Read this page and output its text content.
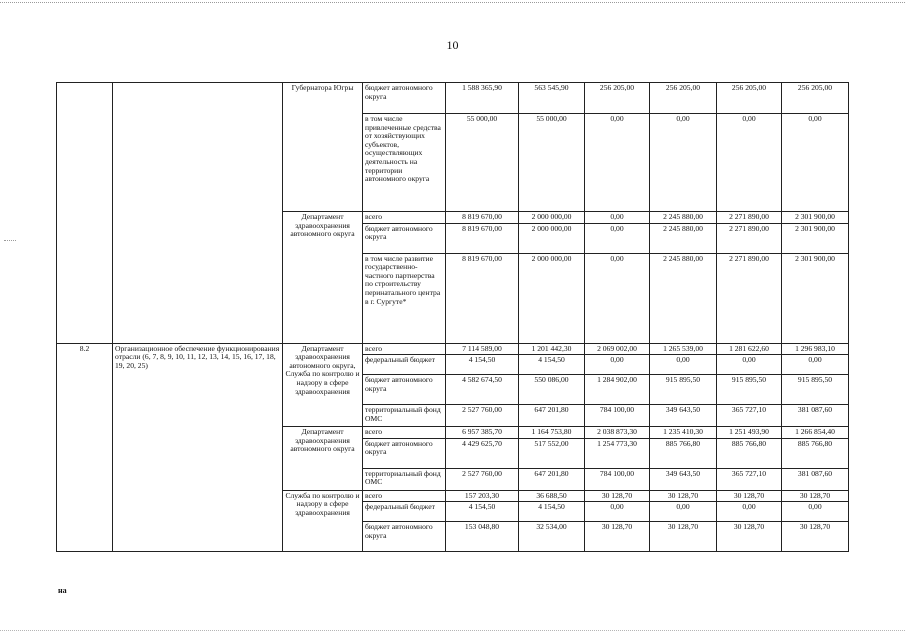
10
		Губернатора Югры	бюджет автономного округа	1 588 365,90	563 545,90	256 205,00	256 205,00	256 205,00	256 205,00
			в том числе привлеченные средства от хозяйствующих субъектов, осуществляющих деятельность на территории автономного округа	55 000,00	55 000,00	0,00	0,00	0,00	0,00
		Департамент здравоохранения автономного округа	всего	8 819 670,00	2 000 000,00	0,00	2 245 880,00	2 271 890,00	2 301 900,00
			бюджет автономного округа	8 819 670,00	2 000 000,00	0,00	2 245 880,00	2 271 890,00	2 301 900,00
			в том числе развитие государственно-частного партнерства по строительству перинатального центра в г. Сургуте*	8 819 670,00	2 000 000,00	0,00	2 245 880,00	2 271 890,00	2 301 900,00
8.2	Организационное обеспечение функционирования отрасли (6, 7, 8, 9, 10, 11, 12, 13, 14, 15, 16, 17, 18, 19, 20, 25)	Департамент здравоохранения автономного округа, Служба по контролю и надзору в сфере здравоохранения	всего	7 114 589,00	1 201 442,30	2 069 002,00	1 265 539,00	1 281 622,60	1 296 983,10
			федеральный бюджет	4 154,50	4 154,50	0,00	0,00	0,00	0,00
			бюджет автономного округа	4 582 674,50	550 086,00	1 284 902,00	915 895,50	915 895,50	915 895,50
			территориальный фонд ОМС	2 527 760,00	647 201,80	784 100,00	349 643,50	365 727,10	381 087,60
		Департамент здравоохранения автономного округа	всего	6 957 385,70	1 164 753,80	2 038 873,30	1 235 410,30	1 251 493,90	1 266 854,40
			бюджет автономного округа	4 429 625,70	517 552,00	1 254 773,30	885 766,80	885 766,80	885 766,80
			территориальный фонд ОМС	2 527 760,00	647 201,80	784 100,00	349 643,50	365 727,10	381 087,60
		Служба по контролю и надзору в сфере здравоохранения	всего	157 203,30	36 688,50	30 128,70	30 128,70	30 128,70	30 128,70
			федеральный бюджет	4 154,50	4 154,50	0,00	0,00	0,00	0,00
			бюджет автономного округа	153 048,80	32 534,00	30 128,70	30 128,70	30 128,70	30 128,70
на
